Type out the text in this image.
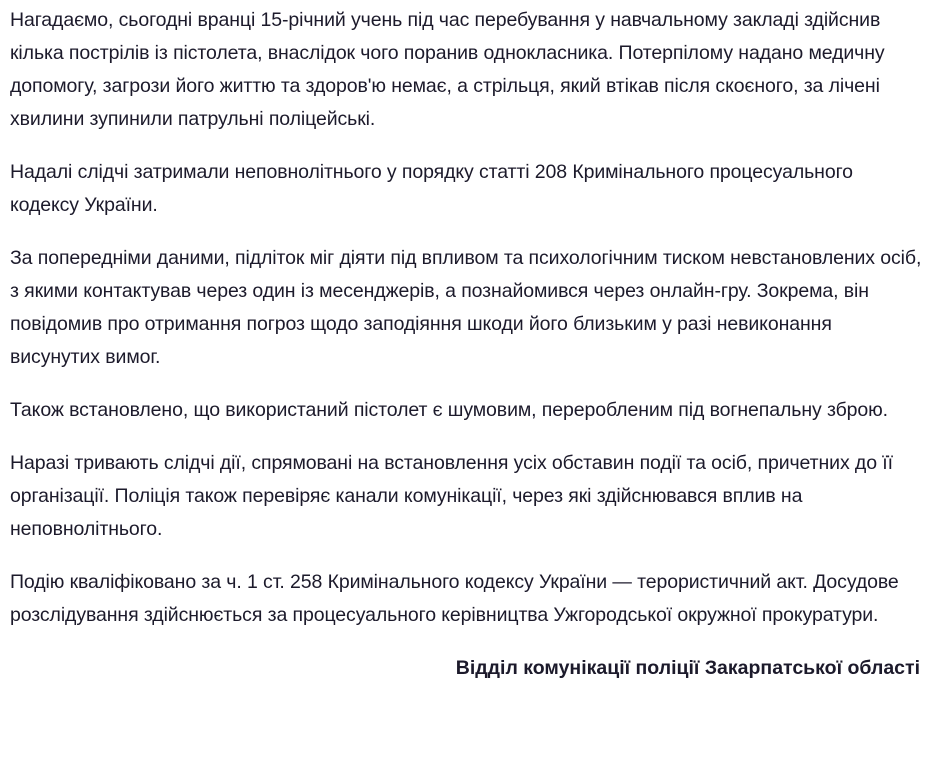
Нагадаємо, сьогодні вранці 15-річний учень під час перебування у навчальному закладі здійснив кілька пострілів із пістолета, внаслідок чого поранив однокласника. Потерпілому надано медичну допомогу, загрози його життю та здоров'ю немає, а стрільця, який втікав після скоєного, за лічені хвилини зупинили патрульні поліцейські.

Надалі слідчі затримали неповнолітнього у порядку статті 208 Кримінального процесуального кодексу України.

За попередніми даними, підліток міг діяти під впливом та психологічним тиском невстановлених осіб, з якими контактував через один із месенджерів, а познайомився через онлайн-гру. Зокрема, він повідомив про отримання погроз щодо заподіяння шкоди його близьким у разі невиконання висунутих вимог.

Також встановлено, що використаний пістолет є шумовим, переробленим під вогнепальну зброю.

Наразі тривають слідчі дії, спрямовані на встановлення усіх обставин події та осіб, причетних до її організації. Поліція також перевіряє канали комунікації, через які здійснювався вплив на неповнолітнього.

Подію кваліфіковано за ч. 1 ст. 258 Кримінального кодексу України — терористичний акт. Досудове розслідування здійснюється за процесуального керівництва Ужгородської окружної прокуратури.

Відділ комунікації поліції Закарпатської області
